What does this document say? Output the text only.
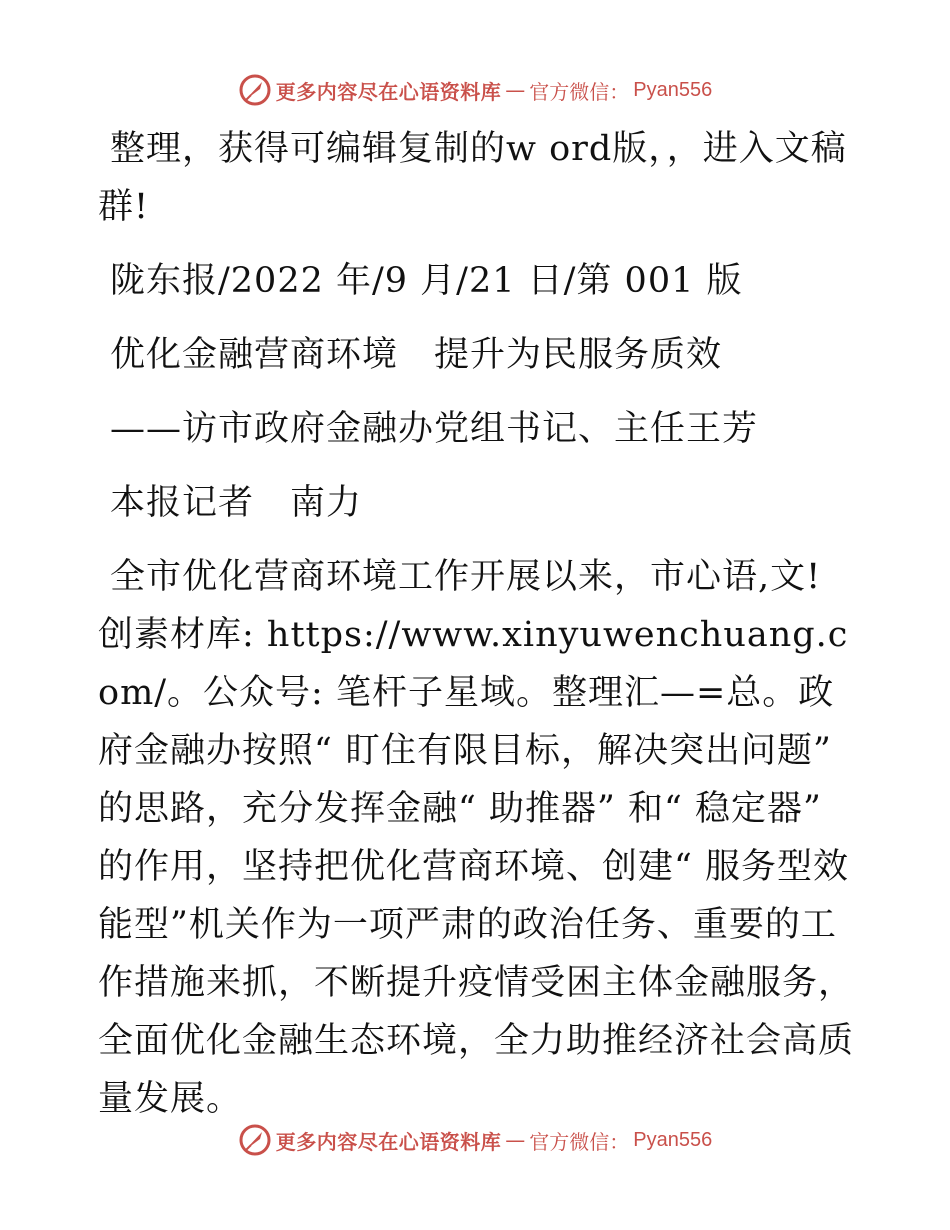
更多内容尽在心语资料库 — 官方微信： Pyan556

整理，获得可编辑复制的w ord版，，进入文稿群!

陇东报/2022 年/9 月/21 日/第 001 版

优化金融营商环境　提升为民服务质效

——访市政府金融办党组书记、主任王芳

本报记者　南力

全市优化营商环境工作开展以来，市心语,文! 创素材库: https://www.xinyuwenchuang.com/。公众号: 笔杆子星域。整理汇—=总。政府金融办按照“ 盯住有限目标，解决突出问题” 的思路，充分发挥金融“ 助推器” 和“ 稳定器” 的作用，坚持把优化营商环境、创建“ 服务型效能型”机关作为一项严肃的政治任务、重要的工作措施来抓，不断提升疫情受困主体金融服务，全面优化金融生态环境，全力助推经济社会高质量发展。

更多内容尽在心语资料库 — 官方微信： Pyan556
